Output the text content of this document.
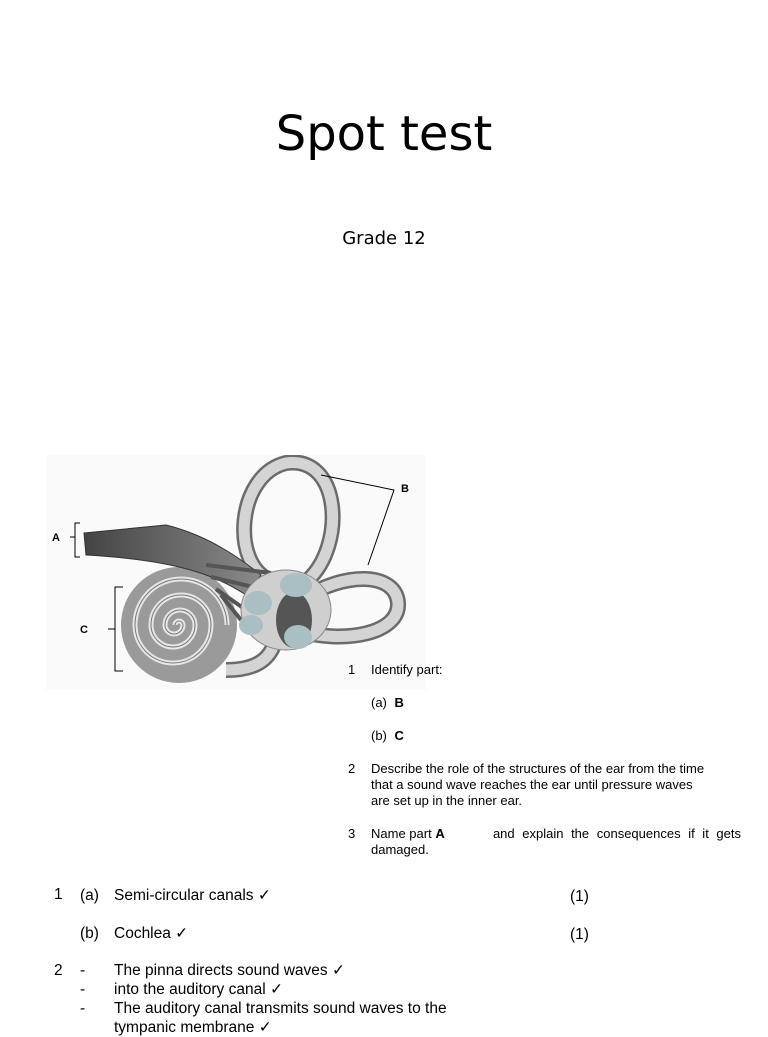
Spot test
Grade 12
A
B
C
1 Identify part:
(a) B
(b) C
2 Describe the role of the structures of the ear from the time
that a sound wave reaches the ear until pressure waves
are set up in the inner ear.
3 Name part A	and explain the consequences if it gets
damaged.
1 (a) Semi-circular canals ✓	(1)
(b) Cochlea ✓	(1)
2 - The pinna directs sound waves ✓
- into the auditory canal ✓
- The auditory canal transmits sound waves to the
tympanic membrane ✓
